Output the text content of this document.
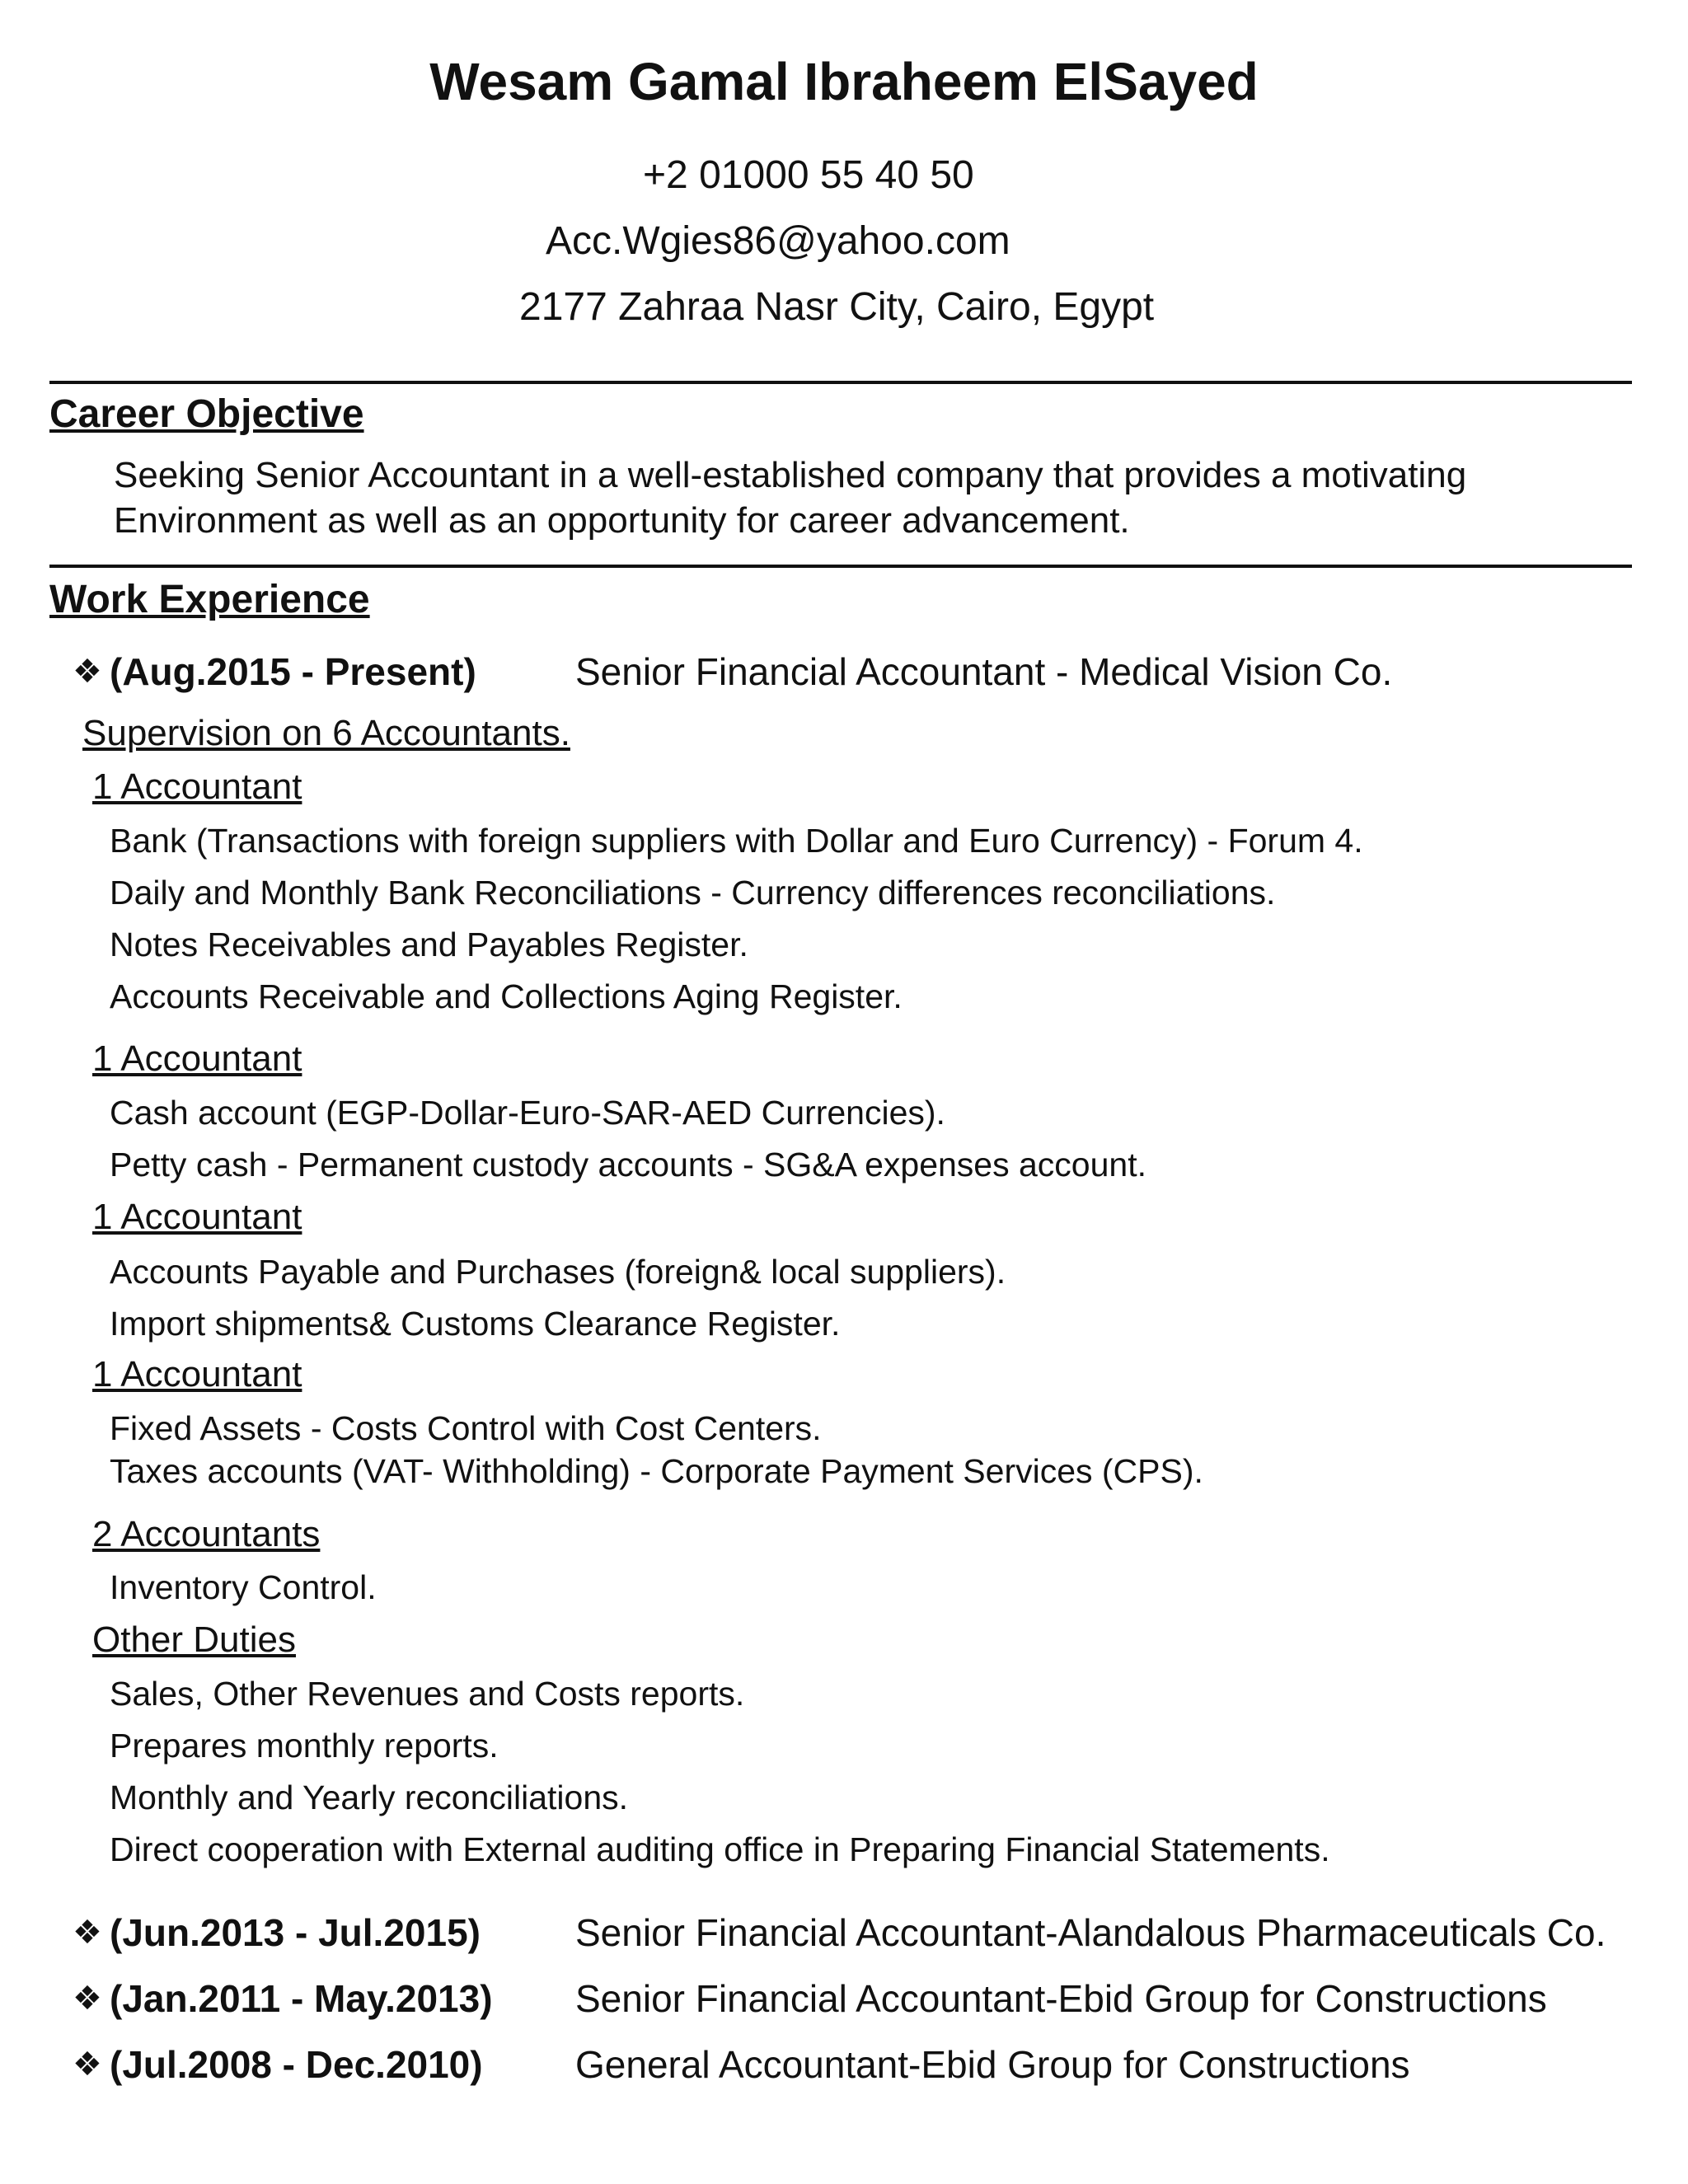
Wesam Gamal Ibraheem ElSayed
+2 01000 55 40 50
Acc.Wgies86@yahoo.com
2177 Zahraa Nasr City, Cairo, Egypt
Career Objective
Seeking Senior Accountant in a well-established company that provides a motivating
Environment as well as an opportunity for career advancement.
Work Experience
❖ (Aug.2015 - Present)	Senior Financial Accountant - Medical Vision Co.
Supervision on 6 Accountants.
1 Accountant
Bank (Transactions with foreign suppliers with Dollar and Euro Currency) - Forum 4.
Daily and Monthly Bank Reconciliations - Currency differences reconciliations.
Notes Receivables and Payables Register.
Accounts Receivable and Collections Aging Register.
1 Accountant
Cash account (EGP-Dollar-Euro-SAR-AED Currencies).
Petty cash - Permanent custody accounts - SG&A expenses account.
1 Accountant
Accounts Payable and Purchases (foreign& local suppliers).
Import shipments& Customs Clearance Register.
1 Accountant
Fixed Assets - Costs Control with Cost Centers.
Taxes accounts (VAT- Withholding) - Corporate Payment Services (CPS).
2 Accountants
Inventory Control.
Other Duties
Sales, Other Revenues and Costs reports.
Prepares monthly reports.
Monthly and Yearly reconciliations.
Direct cooperation with External auditing office in Preparing Financial Statements.
❖ (Jun.2013 - Jul.2015)	Senior Financial Accountant-Alandalous Pharmaceuticals Co.
❖ (Jan.2011 - May.2013) Senior Financial Accountant-Ebid Group for Constructions
❖ (Jul.2008 - Dec.2010) General Accountant-Ebid Group for Constructions
